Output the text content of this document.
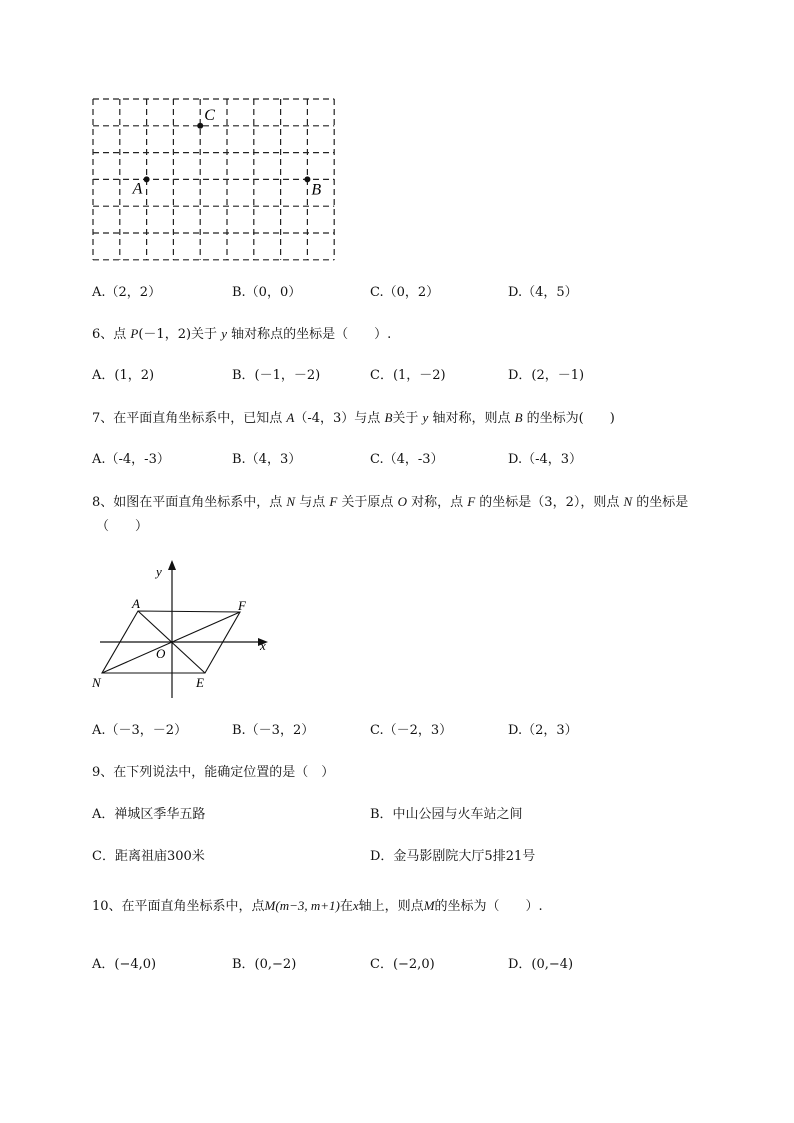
C
A	B
A.（2，2）	B.（0，0）	C.（0，2）	D.（4，5）
6、点 P(－1，2)关于 y 轴对称点的坐标是（　　）.
A．(1，2)	B．(－1，－2)	C．(1，－2)	D．(2，－1)
7、在平面直角坐标系中，已知点 A（-4，3）与点 B关于 y 轴对称，则点 B 的坐标为(　　)
A.（-4，-3）	B.（4，3）	C.（4，-3）	D.（-4，3）
8、如图在平面直角坐标系中，点 N 与点 F 关于原点 O 对称，点 F 的坐标是（3，2），则点 N 的坐标是
（　　）
y
x
A	F
O
N	E
A.（－3，－2）	B.（－3，2）	C.（－2，3）	D.（2，3）
9、在下列说法中，能确定位置的是（　）
A．禅城区季华五路	B．中山公园与火车站之间
C．距离祖庙300米	D．金马影剧院大厅5排21号
10、在平面直角坐标系中，点M(m−3, m+1)在x轴上，则点M的坐标为（　　）.
A．(−4,0)	B．(0,−2)	C．(−2,0)	D．(0,−4)
